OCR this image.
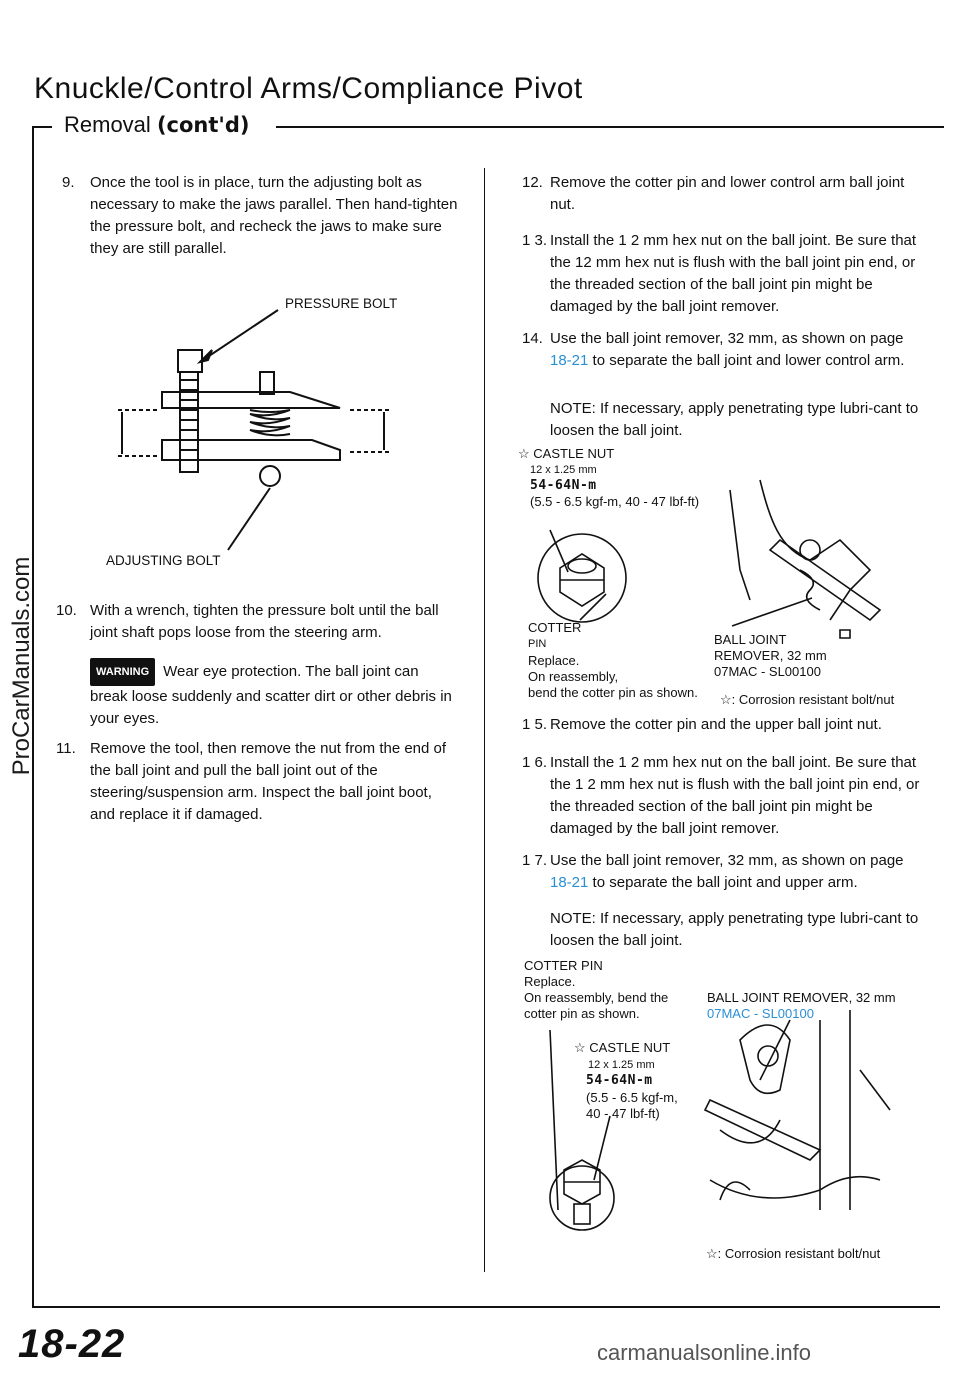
Knuckle/Control Arms/Compliance Pivot
Removal (cont'd)
9. Once the tool is in place, turn the adjusting bolt as necessary to make the jaws parallel. Then hand-tighten the pressure bolt, and recheck the jaws to make sure they are still parallel.
PRESSURE BOLT
ADJUSTING BOLT
10. With a wrench, tighten the pressure bolt until the ball joint shaft pops loose from the steering arm.
WARNING Wear eye protection. The ball joint can break loose suddenly and scatter dirt or other debris in your eyes.
11. Remove the tool, then remove the nut from the end of the ball joint and pull the ball joint out of the steering/suspension arm. Inspect the ball joint boot, and replace it if damaged.
12. Remove the cotter pin and lower control arm ball joint nut.
1 3. Install the 1 2 mm hex nut on the ball joint. Be sure that the 12 mm hex nut is flush with the ball joint pin end, or the threaded section of the ball joint pin might be damaged by the ball joint remover.
14. Use the ball joint remover, 32 mm, as shown on page 18-21 to separate the ball joint and lower control arm.
NOTE: If necessary, apply penetrating type lubri-cant to loosen the ball joint.
☆ CASTLE NUT
12 x 1.25 mm
54-64N-m
(5.5 - 6.5 kgf-m, 40 - 47 lbf-ft)
COTTER
PIN
Replace.
On reassembly,
bend the cotter pin as shown.
BALL JOINT
REMOVER, 32 mm
07MAC - SL00100
☆: Corrosion resistant bolt/nut
1 5. Remove the cotter pin and the upper ball joint nut.
1 6. Install the 1 2 mm hex nut on the ball joint. Be sure that the 1 2 mm hex nut is flush with the ball joint pin end, or the threaded section of the ball joint pin might be damaged by the ball joint remover.
1 7. Use the ball joint remover, 32 mm, as shown on page 18-21 to separate the ball joint and upper arm.
NOTE: If necessary, apply penetrating type lubri-cant to loosen the ball joint.
COTTER PIN
Replace.
On reassembly, bend the
cotter pin as shown.
BALL JOINT REMOVER, 32 mm
07MAC - SL00100
☆ CASTLE NUT
12 x 1.25 mm
54-64N-m
(5.5 - 6.5 kgf-m,
40 - 47 lbf-ft)
☆: Corrosion resistant bolt/nut
18-22	carmanualsonline.info
ProCarManuals.com
